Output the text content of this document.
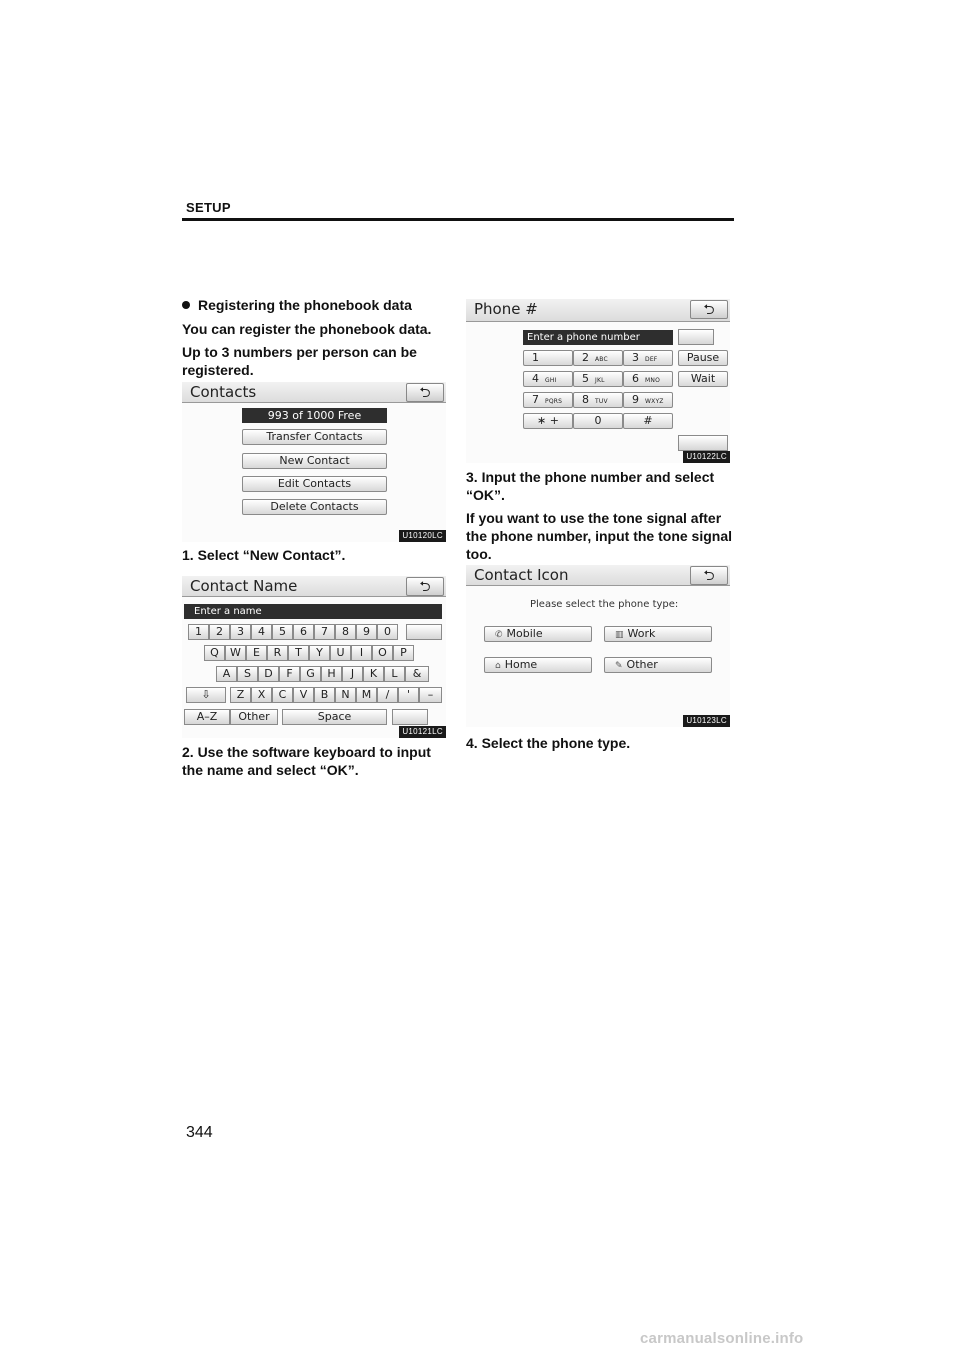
SETUP
Registering the phonebook data
You can register the phonebook data.
Up to 3 numbers per person can be registered.
Contacts	⮌
993 of 1000 Free
Transfer Contacts
New Contact
Edit Contacts
Delete Contacts
U10120LC
1. Select “New Contact”.
Contact Name	⮌
Enter a name
1	2	3	4	5	6	7	8	9	0
Q	W	E	R	T	Y	U	I	O	P
A	S	D	F	G	H	J	K	L	&
⇩	Z	X	C	V	B	N	M	/	'	–
A–Z	Other	Space
U10121LC
2. Use the software keyboard to input the name and select “OK”.
Phone #	⮌
Enter a phone number
1	2 ABC	3 DEF	Pause
4 GHI	5 JKL	6 MNO	Wait
7 PQRS	8 TUV	9 WXYZ
∗ +	0	#
U10122LC
3. Input the phone number and select “OK”.
If you want to use the tone signal after the phone number, input the tone signal too.
Contact Icon	⮌
Please select the phone type:
✆ Mobile	▥ Work
⌂ Home	✎ Other
U10123LC
4. Select the phone type.
344
carmanualsonline.info
